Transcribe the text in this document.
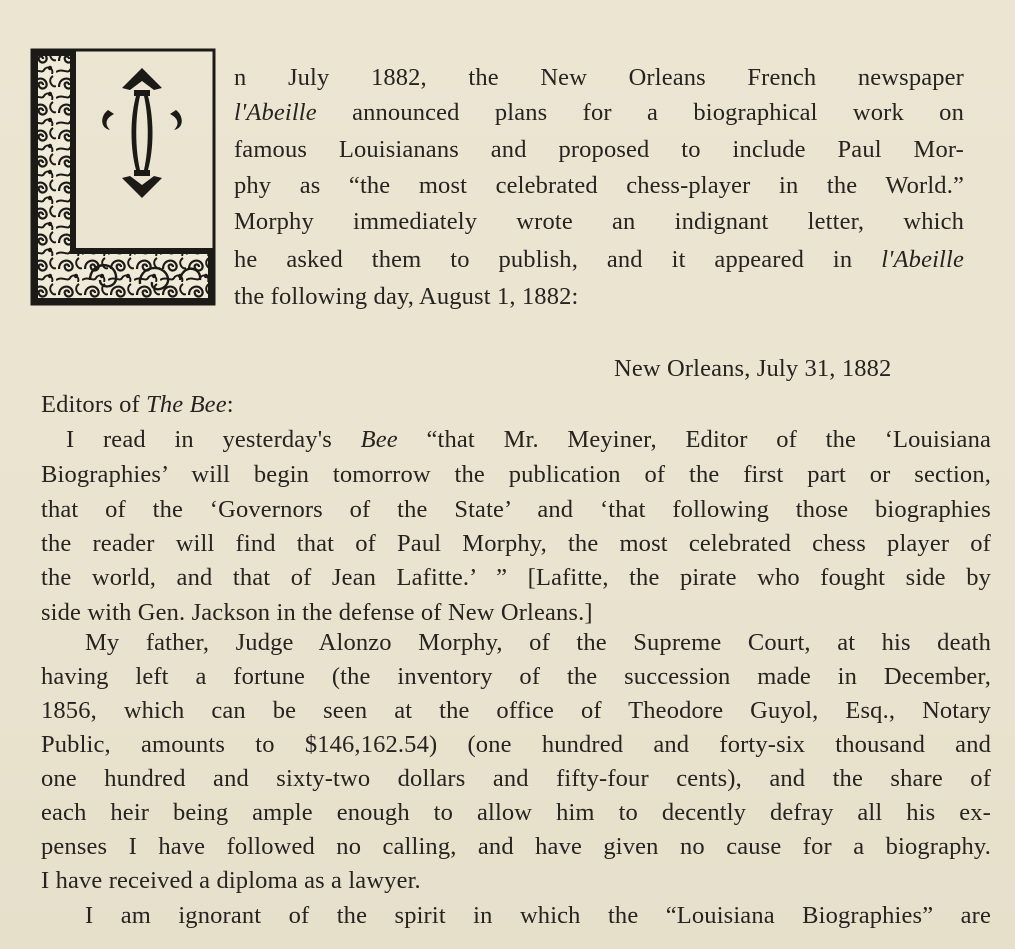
n July 1882, the New Orleans French newspaper
l'Abeille announced plans for a biographical work on
famous Louisianans and proposed to include Paul Mor-
phy as “the most celebrated chess-player in the World.”
Morphy immediately wrote an indignant letter, which
he asked them to publish, and it appeared in l'Abeille
the following day, August 1, 1882:
New Orleans, July 31, 1882
Editors of The Bee:
I read in yesterday's Bee “that Mr. Meyiner, Editor of the ‘Louisiana
Biographies’ will begin tomorrow the publication of the first part or section,
that of the ‘Governors of the State’ and ‘that following those biographies
the reader will find that of Paul Morphy, the most celebrated chess player of
the world, and that of Jean Lafitte.’ ” [Lafitte, the pirate who fought side by
side with Gen. Jackson in the defense of New Orleans.]
My father, Judge Alonzo Morphy, of the Supreme Court, at his death
having left a fortune (the inventory of the succession made in December,
1856, which can be seen at the office of Theodore Guyol, Esq., Notary
Public, amounts to $146,162.54) (one hundred and forty-six thousand and
one hundred and sixty-two dollars and fifty-four cents), and the share of
each heir being ample enough to allow him to decently defray all his ex-
penses I have followed no calling, and have given no cause for a biography.
I have received a diploma as a lawyer.
I am ignorant of the spirit in which the “Louisiana Biographies” are
